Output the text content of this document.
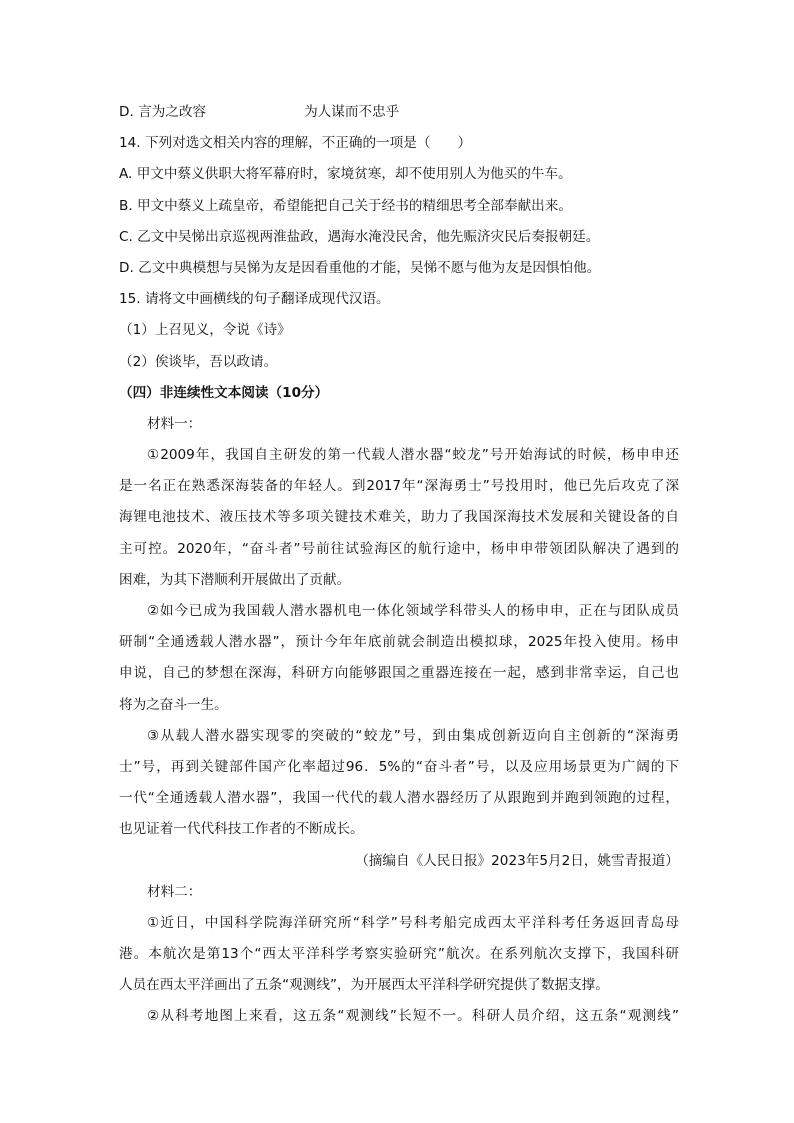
D. 言为之改容	为人谋而不忠乎
14. 下列对选文相关内容的理解，不正确的一项是（　　）
A. 甲文中蔡义供职大将军幕府时，家境贫寒，却不使用别人为他买的牛车。
B. 甲文中蔡义上疏皇帝，希望能把自己关于经书的精细思考全部奉献出来。
C. 乙文中吴悌出京巡视两淮盐政，遇海水淹没民舍，他先赈济灾民后奏报朝廷。
D. 乙文中典模想与吴悌为友是因看重他的才能，吴悌不愿与他为友是因惧怕他。
15. 请将文中画横线的句子翻译成现代汉语。
（1）上召见义，令说《诗》
（2）俟谈毕，吾以政请。
（四）非连续性文本阅读（10分）
材料一：
①2009年，我国自主研发的第一代载人潜水器“蛟龙”号开始海试的时候，杨申申还
是一名正在熟悉深海装备的年轻人。到2017年“深海勇士”号投用时，他已先后攻克了深
海锂电池技术、液压技术等多项关键技术难关，助力了我国深海技术发展和关键设备的自
主可控。2020年，“奋斗者”号前往试验海区的航行途中，杨申申带领团队解决了遇到的
困难，为其下潜顺利开展做出了贡献。
②如今已成为我国载人潜水器机电一体化领域学科带头人的杨申申，正在与团队成员
研制“全通透载人潜水器”，预计今年年底前就会制造出模拟球，2025年投入使用。杨申
申说，自己的梦想在深海，科研方向能够跟国之重器连接在一起，感到非常幸运，自己也
将为之奋斗一生。
③从载人潜水器实现零的突破的“蛟龙”号，到由集成创新迈向自主创新的“深海勇
士”号，再到关键部件国产化率超过96．5%的“奋斗者”号，以及应用场景更为广阔的下
一代“全通透载人潜水器”，我国一代代的载人潜水器经历了从跟跑到并跑到领跑的过程，
也见证着一代代科技工作者的不断成长。
（摘编自《人民日报》2023年5月2日，姚雪青报道）
材料二：
①近日，中国科学院海洋研究所“科学”号科考船完成西太平洋科考任务返回青岛母
港。本航次是第13个“西太平洋科学考察实验研究”航次。在系列航次支撑下，我国科研
人员在西太平洋画出了五条“观测线”，为开展西太平洋科学研究提供了数据支撑。
②从科考地图上来看，这五条“观测线”长短不一。科研人员介绍，这五条“观测线”
